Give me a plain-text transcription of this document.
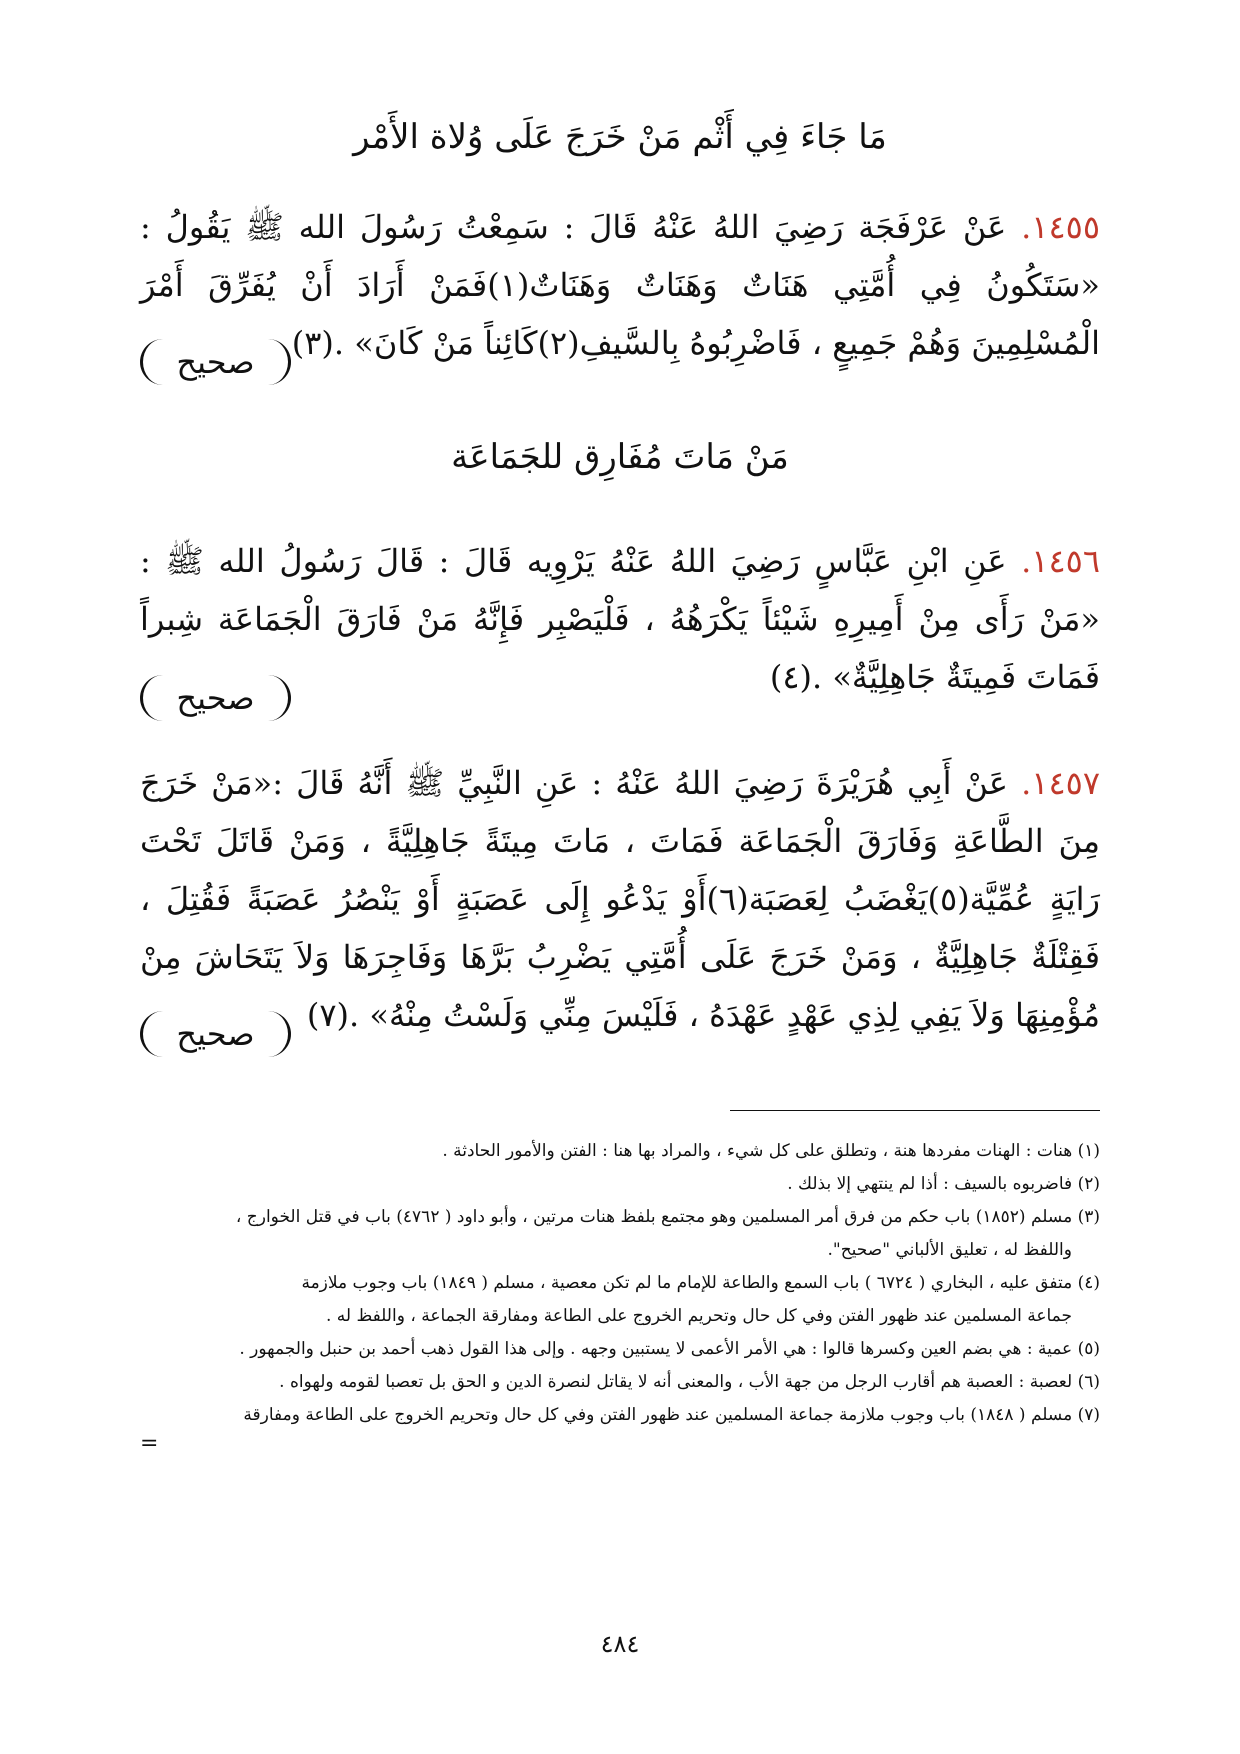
مَا جَاءَ فِي أَثْم مَنْ خَرَجَ عَلَى وُلاة الأَمْر
١٤٥٥. عَنْ عَرْفَجَة رَضِيَ اللهُ عَنْهُ قَالَ : سَمِعْتُ رَسُولَ الله ﷺ يَقُولُ : «سَتَكُونُ فِي أُمَّتِي هَنَاتٌ وَهَنَاتٌ وَهَنَاتٌ(١)فَمَنْ أَرَادَ أَنْ يُفَرِّقَ أَمْرَ الْمُسْلِمِينَ وَهُمْ جَمِيعٍ ، فَاضْرِبُوهُ بِالسَّيفِ(٢)كَائِناً مَنْ كَانَ» .(٣)
صحيح
مَنْ مَاتَ مُفَارِق للجَمَاعَة
١٤٥٦. عَنِ ابْنِ عَبَّاسٍ رَضِيَ اللهُ عَنْهُ يَرْوِيه قَالَ : قَالَ رَسُولُ الله ﷺ : «مَنْ رَأَى مِنْ أَمِيرِهِ شَيْئاً يَكْرَهُهُ ، فَلْيَصْبِر فَإِنَّهُ مَنْ فَارَقَ الْجَمَاعَة شِبراً فَمَاتَ فَمِيتَةٌ جَاهِلِيَّةٌ» .(٤)
صحيح
١٤٥٧. عَنْ أَبِي هُرَيْرَةَ رَضِيَ اللهُ عَنْهُ : عَنِ النَّبِيِّ ﷺ أَنَّهُ قَالَ :«مَنْ خَرَجَ مِنَ الطَّاعَةِ وَفَارَقَ الْجَمَاعَة فَمَاتَ ، مَاتَ مِيتَةً جَاهِلِيَّةً ، وَمَنْ قَاتَلَ تَحْتَ رَايَةٍ عُمِّيَّة(٥)يَغْضَبُ لِعَصَبَة(٦)أَوْ يَدْعُو إِلَى عَصَبَةٍ أَوْ يَنْصُرُ عَصَبَةً فَقُتِلَ ، فَقِتْلَةٌ جَاهِلِيَّةٌ ، وَمَنْ خَرَجَ عَلَى أُمَّتِي يَضْرِبُ بَرَّهَا وَفَاجِرَهَا وَلاَ يَتَحَاشَ مِنْ مُؤْمِنِهَا وَلاَ يَفِي لِذِي عَهْدٍ عَهْدَهُ ، فَلَيْسَ مِنِّي وَلَسْتُ مِنْهُ» .(٧)
صحيح

(١) هنات : الهنات مفردها هنة ، وتطلق على كل شيء ، والمراد بها هنا : الفتن والأمور الحادثة .

(٢) فاضربوه بالسيف : أذا لم ينتهي إلا بذلك .

(٣) مسلم (١٨٥٢) باب حكم من فرق أمر المسلمين وهو مجتمع بلفظ هنات مرتين ، وأبو داود ( ٤٧٦٢) باب في قتل الخوارج ،
واللفظ له ، تعليق الألباني "صحيح".

(٤) متفق عليه ، البخاري ( ٦٧٢٤ ) باب السمع والطاعة للإمام ما لم تكن معصية ، مسلم ( ١٨٤٩) باب وجوب ملازمة
جماعة المسلمين عند ظهور الفتن وفي كل حال وتحريم الخروج على الطاعة ومفارقة الجماعة ، واللفظ له .

(٥) عمية : هي بضم العين وكسرها قالوا : هي الأمر الأعمى لا يستبين وجهه . وإلى هذا القول ذهب أحمد بن حنبل والجمهور .

(٦) لعصبة : العصبة هم أقارب الرجل من جهة الأب ، والمعنى أنه لا يقاتل لنصرة الدين و الحق بل تعصبا لقومه ولهواه .

(٧) مسلم ( ١٨٤٨) باب وجوب ملازمة جماعة المسلمين عند ظهور الفتن وفي كل حال وتحريم الخروج على الطاعة ومفارقة

=
٤٨٤
